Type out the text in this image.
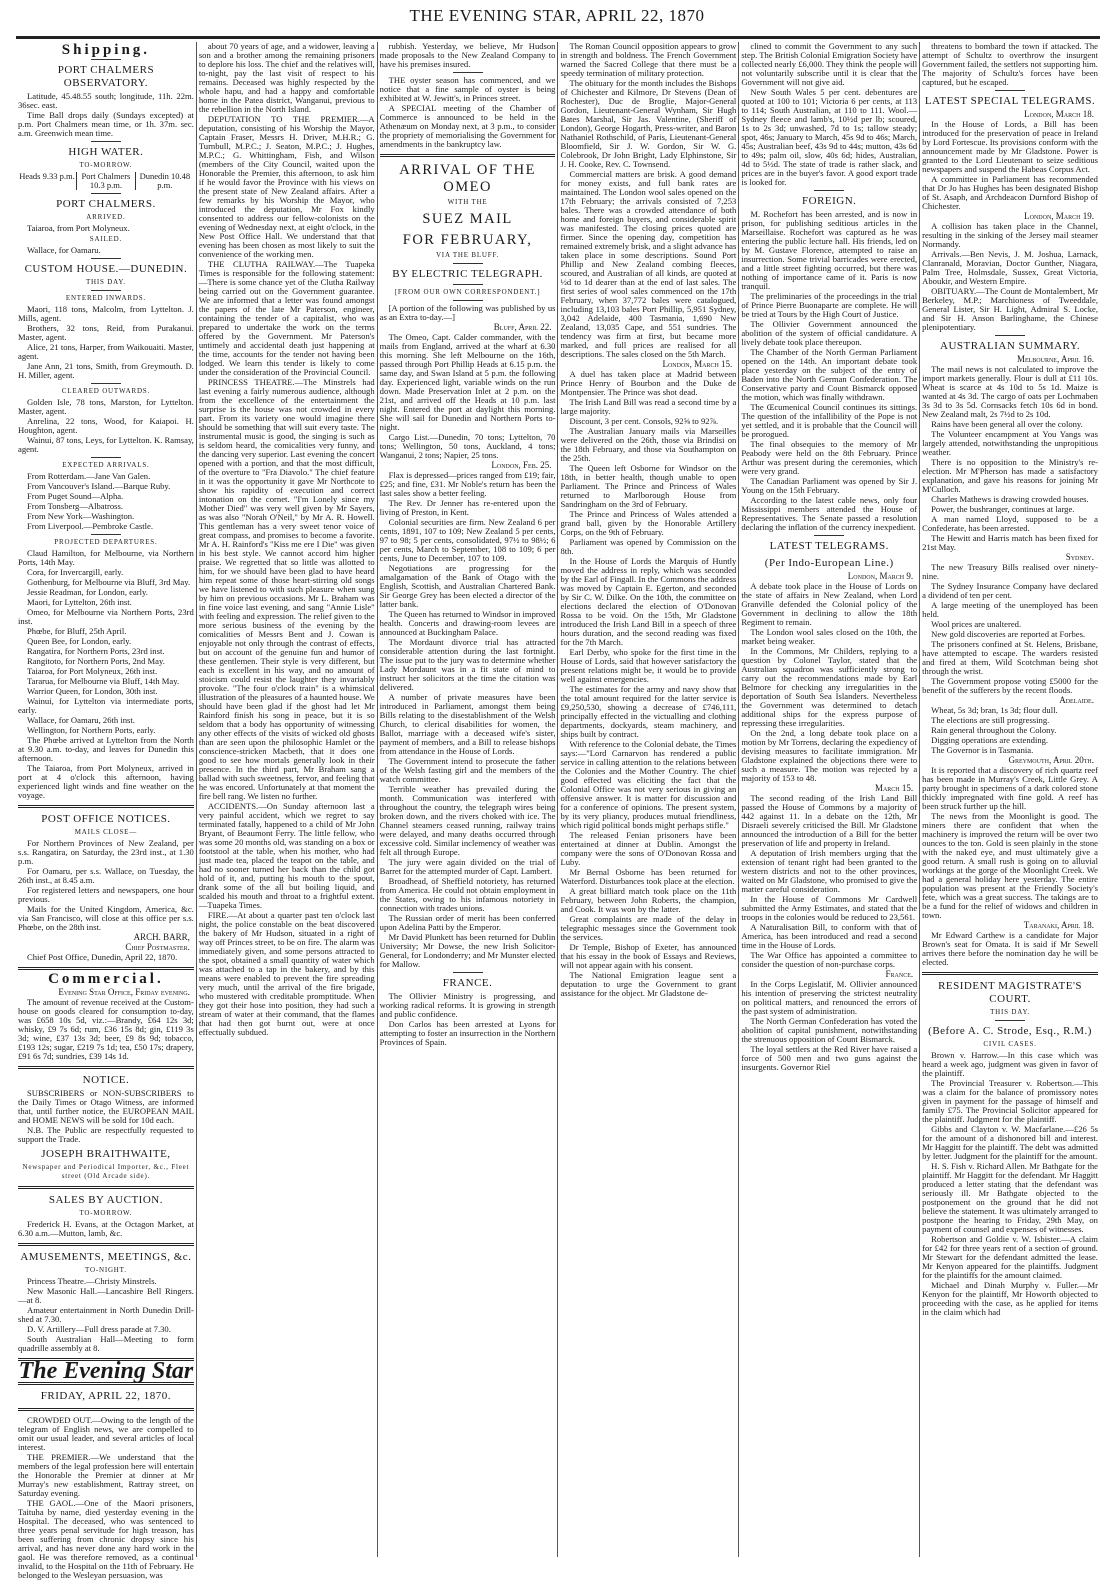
THE EVENING STAR, APRIL 22, 1870
Shipping.
PORT CHALMERS OBSERVATORY.

Latitude, 45.48.55 south; longitude, 11h. 22m. 36sec. east.

Time Ball drops daily (Sundays excepted) at p.m. Port Chalmers mean time, or 1h. 37m. sec. a.m. Greenwich mean time.

HIGH WATER.
TO-MORROW.
Heads 9.33 p.m. Port Chalmers 10.3 p.m.
Dunedin 10.48 p.m.
PORT CHALMERS.
ARRIVED.

Taiaroa, from Port Molyneux.

SAILED.

Wallace, for Oamaru.

CUSTOM HOUSE.—DUNEDIN.
THIS DAY.
ENTERED INWARDS.

Maori, 118 tons, Malcolm, from Lyttelton. J. Mills, agent.

Brothers, 32 tons, Reid, from Purakanui. Master, agent.

Alice, 21 tons, Harper, from Waikouaiti. Master, agent.

Jane Ann, 21 tons, Smith, from Greymouth. D. H. Miller, agent.

CLEARED OUTWARDS.

Golden Isle, 78 tons, Marston, for Lyttelton. Master, agent.

Anrelina, 22 tons, Wood, for Kaiapoi. H. Houghton, agent.

Wainui, 87 tons, Leys, for Lyttelton. K. Ramsay, agent.

EXPECTED ARRIVALS.

From Rotterdam.—Jane Van Galen.

From Vancouver's Island.—Barque Ruby.

From Puget Sound—Alpha.

From Tonsberg—Albatross.

From New York—Washington.

From Liverpool.—Pembroke Castle.

PROJECTED DEPARTURES.

Claud Hamilton, for Melbourne, via Northern Ports, 14th May.

Cora, for Invercargill, early.

Gothenburg, for Melbourne via Bluff, 3rd May.

Jessie Readman, for London, early.

Maori, for Lyttelton, 26th inst.

Omeo, for Melbourne via Northern Ports, 23rd inst.

Phœbe, for Bluff, 25th April.

Queen Bee, for London, early.

Rangatira, for Northern Ports, 23rd inst.

Rangitoto, for Northern Ports, 2nd May.

Taiaroa, for Port Molyneux, 26th inst.

Tararua, for Melbourne via Bluff, 14th May.

Warrior Queen, for London, 30th inst.

Wainui, for Lyttelton via intermediate ports, early.

Wallace, for Oamaru, 26th inst.

Wellington, for Northern Ports, early.

The Phœbe arrived at Lyttelton from the North at 9.30 a.m. to-day, and leaves for Dunedin this afternoon.

The Taiaroa, from Port Molyneux, arrived in port at 4 o'clock this afternoon, having experienced light winds and fine weather on the voyage.

POST OFFICE NOTICES.
MAILS CLOSE—

For Northern Provinces of New Zealand, per s.s. Rangatira, on Saturday, the 23rd inst., at 1.30 p.m.

For Oamaru, per s.s. Wallace, on Tuesday, the 26th inst., at 8.45 a.m.

For registered letters and newspapers, one hour previous.

Mails for the United Kingdom, America, &c. via San Francisco, will close at this office per s.s. Phœbe, on the 28th inst.

ARCH. BARR,
Chief Postmaster.

Chief Post Office, Dunedin, April 22, 1870.

Commercial.
Evening Star Office, Friday evening.

The amount of revenue received at the Custom-house on goods cleared for consumption to-day, was £658 10s 5d, viz.:—Brandy, £64 12s 3d; whisky, £9 7s 6d; rum, £36 15s 8d; gin, £119 3s 3d; wine, £37 13s 3d; beer, £9 8s 9d; tobacco, £193 12s; sugar, £219 7s 1d; tea, £50 17s; drapery, £91 6s 7d; sundries, £39 14s 1d.

NOTICE.

SUBSCRIBERS or NON-SUBSCRIBERS to the Daily Times or Otago Witness, are informed that, until further notice, the EUROPEAN MAIL and HOME NEWS will be sold for 10d each.

N.B. The Public are respectfully requested to support the Trade.

JOSEPH BRAITHWAITE,
Newspaper and Periodical Importer, &c., Fleet street (Old Arcade side).
SALES BY AUCTION.
TO-MORROW.

Frederick H. Evans, at the Octagon Market, at 6.30 a.m.—Mutton, lamb, &c.

AMUSEMENTS, MEETINGS, &c.
TO-NIGHT.

Princess Theatre.—Christy Minstrels.

New Masonic Hall.—Lancashire Bell Ringers.—at 8.

Amateur entertainment in North Dunedin Drill-shed at 7.30.

D. V. Artillery—Full dress parade at 7.30.

South Australian Hall—Meeting to form quadrille assembly at 8.

The Evening Star
FRIDAY, APRIL 22, 1870.

CROWDED OUT.—Owing to the length of the telegram of English news, we are compelled to omit our usual leader, and several articles of local interest.

THE PREMIER.—We understand that the members of the legal profession here will entertain the Honorable the Premier at dinner at Mr Murray's new establishment, Rattray street, on Saturday evening.

THE GAOL.—One of the Maori prisoners, Taituha by name, died yesterday evening in the Hospital. The deceased, who was sentenced to three years penal servitude for high treason, has been suffering from chronic dropsy since his arrival, and has never done any hard work in the gaol. He was therefore removed, as a continual invalid, to the Hospital on the 11th of February. He belonged to the Wesleyan persuasion, was

about 70 years of age, and a widower, leaving a son and a brother among the remaining prisoners to deplore his loss. The chief and the relatives will, to-night, pay the last visit of respect to his remains. Deceased was highly respected by the whole hapu, and had a happy and comfortable home in the Patea district, Wanganui, previous to the rebellion in the North Island.

DEPUTATION TO THE PREMIER.—A deputation, consisting of his Worship the Mayor, Captain Fraser, Messrs H. Driver, M.H.R.; G. Turnbull, M.P.C.; J. Seaton, M.P.C.; J. Hughes, M.P.C.; G. Whittingham, Fish, and Wilson (members of the City Council, waited upon the Honorable the Premier, this afternoon, to ask him if he would favor the Province with his views on the present state of New Zealand affairs. After a few remarks by his Worship the Mayor, who introduced the deputation, Mr Fox kindly consented to address our fellow-colonists on the evening of Wednesday next, at eight o'clock, in the New Post Office Hall. We understand that that evening has been chosen as most likely to suit the convenience of the working men.

THE CLUTHA RAILWAY.—The Tuapeka Times is responsible for the following statement:—There is some chance yet of the Clutha Railway being carried out on the Government guarantee. We are informed that a letter was found amongst the papers of the late Mr Paterson, engineer, containing the tender of a capitalist, who was prepared to undertake the work on the terms offered by the Government. Mr Paterson's untimely and accidental death just happening at the time, accounts for the tender not having been lodged. We learn this tender is likely to come under the consideration of the Provincial Council.

PRINCESS THEATRE.—The Minstrels had last evening a fairly numerous audience, although from the excellence of the entertainment the surprise is the house was not crowded in every part. From its variety one would imagine there should be something that will suit every taste. The instrumental music is good, the singing is such as is seldom heard, the comicalities very funny, and the dancing very superior. Last evening the concert opened with a portion, and that the most difficult, of the overture to "Fra Diavolo." The chief feature in it was the opportunity it gave Mr Northcote to show his rapidity of execution and correct intonation on the cornet. "I'm Lonely since my Mother Died" was very well given by Mr Sayers, as was also "Norah O'Neil," by Mr A. R. Howell. This gentleman has a very sweet tenor voice of great compass, and promises to become a favorite. Mr A. H. Rainford's "Kiss me ere I Die" was given in his best style. We cannot accord him higher praise. We regretted that so little was allotted to him, for we should have been glad to have heard him repeat some of those heart-stirring old songs we have listened to with such pleasure when sung by him on previous occasions. Mr L. Braham was in fine voice last evening, and sang "Annie Lisle" with feeling and expression. The relief given to the more serious business of the evening by the comicalities of Messrs Bent and J. Cowan is enjoyable not only through the contrast of effects, but on account of the genuine fun and humor of these gentlemen. Their style is very different, but each is excellent in his way, and no amount of stoicism could resist the laughter they invariably provoke. "The four o'clock train" is a whimsical illustration of the pleasures of a haunted house. We should have been glad if the ghost had let Mr Rainford finish his song in peace, but it is so seldom that a body has opportunity of witnessing any other effects of the visits of wicked old ghosts than are seen upon the philosophic Hamlet or the conscience-stricken Macbeth, that it does one good to see how mortals generally look in their presence. In the third part, Mr Braham sang a ballad with such sweetness, fervor, and feeling that he was encored. Unfortunately at that moment the fire bell rang. We listen no further.

ACCIDENTS.—On Sunday afternoon last a very painful accident, which we regret to say terminated fatally, happened to a child of Mr John Bryant, of Beaumont Ferry. The little fellow, who was some 20 months old, was standing on a box or footstool at the table, when his mother, who had just made tea, placed the teapot on the table, and had no sooner turned her back than the child got hold of it, and, putting his mouth to the spout, drank some of the all but boiling liquid, and scalded his mouth and throat to a frightful extent.—Tuapeka Times.

FIRE.—At about a quarter past ten o'clock last night, the police constable on the beat discovered the bakery of Mr Hudson, situated in a right of way off Princes street, to be on fire. The alarm was immediately given, and some persons attracted to the spot, obtained a small quantity of water which was attached to a tap in the bakery, and by this means were enabled to prevent the fire spreading very much, until the arrival of the fire brigade, who mustered with creditable promptitude. When they got their hose into position, they had such a stream of water at their command, that the flames that had then got burnt out, were at once effectually subdued.

rubbish. Yesterday, we believe, Mr Hudson made proposals to the New Zealand Company to have his premises insured.

THE oyster season has commenced, and we notice that a fine sample of oyster is being exhibited at W. Jewitt's, in Princes street.

A SPECIAL meeting of the Chamber of Commerce is announced to be held in the Athenæum on Monday next, at 3 p.m., to consider the propriety of memorialising the Government for amendments in the bankruptcy law.

ARRIVAL OF THE OMEO
WITH THE
SUEZ MAIL
FOR FEBRUARY,
VIA THE BLUFF.
BY ELECTRIC TELEGRAPH.
[FROM OUR OWN CORRESPONDENT.]

[A portion of the following was published by us as an Extra to-day.—]

Bluff, April 22.

The Omeo, Capt. Calder commander, with the mails from England, arrived at the wharf at 6.30 this morning. She left Melbourne on the 16th, passed through Port Phillip Heads at 6.15 p.m. the same day, and Swan Island at 5 p.m. the following day. Experienced light, variable winds on the run down. Made Preservation Inlet at 2 p.m. on the 21st, and arrived off the Heads at 10 p.m. last night. Entered the port at daylight this morning. She will sail for Dunedin and Northern Ports to-night.

Cargo List.—Dunedin, 70 tons; Lyttelton, 70 tons; Wellington, 50 tons, Auckland, 4 tons; Wanganui, 2 tons; Napier, 25 tons.

London, Feb. 25.

Flax is depressed—prices ranged from £19; fair, £25; and fine, £31. Mr Noble's return has been the last sales show a better feeling.

The Rev. Dr Jenner has re-entered upon the living of Preston, in Kent.

Colonial securities are firm. New Zealand 6 per cents, 1891, 107 to 109; New Zealand 5 per cents, 97 to 98; 5 per cents, consolidated, 97½ to 98½; 6 per cents, March to September, 108 to 109; 6 per cents, June to December, 107 to 109.

Negotiations are progressing for the amalgamation of the Bank of Otago with the English, Scottish, and Australian Chartered Bank. Sir George Grey has been elected a director of the latter bank.

The Queen has returned to Windsor in improved health. Concerts and drawing-room levees are announced at Buckingham Palace.

The Mordaunt divorce trial has attracted considerable attention during the last fortnight. The issue put to the jury was to determine whether Lady Mordaunt was in a fit state of mind to instruct her solicitors at the time the citation was delivered.

A number of private measures have been introduced in Parliament, amongst them being Bills relating to the disestablishment of the Welsh Church, to clerical disabilities for women, the Ballot, marriage with a deceased wife's sister, payment of members, and a Bill to release bishops from attendance in the House of Lords.

The Government intend to prosecute the father of the Welsh fasting girl and the members of the watch committee.

Terrible weather has prevailed during the month. Communication was interfered with throughout the country, the telegraph wires being broken down, and the rivers choked with ice. The Channel steamers ceased running, railway trains were delayed, and many deaths occurred through excessive cold. Similar inclemency of weather was felt all through Europe.

The jury were again divided on the trial of Barret for the attempted murder of Capt. Lambert.

Broadhead, of Sheffield notoriety, has returned from America. He could not obtain employment in the States, owing to his infamous notoriety in connection with trades unions.

The Russian order of merit has been conferred upon Adelina Patti by the Emperor.

Mr David Plunkett has been returned for Dublin University; Mr Dowse, the new Irish Solicitor-General, for Londonderry; and Mr Munster elected for Mallow.

FRANCE.

The Ollivier Ministry is progressing, and working radical reforms. It is growing in strength and public confidence.

Don Carlos has been arrested at Lyons for attempting to foster an insurrection in the Northern Provinces of Spain.

The Roman Council opposition appears to grow in strength and boldness. The French Government warned the Sacred College that there must be a speedy termination of military protection.

The obituary for the month includes the Bishops of Chichester and Kilmore, Dr Stevens (Dean of Rochester), Duc de Broglie, Major-General Gordon, Lieutenant-General Wynham, Sir Hugh Bates Marshal, Sir Jas. Valentine, (Sheriff of London), George Hogarth, Press-writer, and Baron Nathaniel Rothschild, of Paris, Lieutenant-General Bloomfield, Sir J. W. Gordon, Sir W. G. Colebrook, Dr John Bright, Lady Elphinstone, Sir J. H. Cooke, Rev. C. Townsend.

Commercial matters are brisk. A good demand for money exists, and full bank rates are maintained. The London wool sales opened on the 17th February; the arrivals consisted of 7,253 bales. There was a crowded attendance of both home and foreign buyers, and considerable spirit was manifested. The closing prices quoted are firmer. Since the opening day, competition has remained extremely brisk, and a slight advance has taken place in some descriptions. Sound Port Phillip and New Zealand combing fleeces, scoured, and Australian of all kinds, are quoted at ½d to 1d dearer than at the end of last sales. The first series of wool sales commenced on the 17th February, when 37,772 bales were catalogued, including 13,103 bales Port Phillip, 5,951 Sydney, 3,042 Adelaide, 400 Tasmania, 1,690 New Zealand, 13,035 Cape, and 551 sundries. The tendency was firm at first, but became more marked, and full prices are realised for all descriptions. The sales closed on the 5th March.

London, March 15.

A duel has taken place at Madrid between Prince Henry of Bourbon and the Duke de Montpensier. The Prince was shot dead.

The Irish Land Bill was read a second time by a large majority.

Discount, 3 per cent. Consols, 92⅝ to 92⅞.

The Australian January mails via Marseilles were delivered on the 26th, those via Brindisi on the 18th February, and those via Southampton on the 25th.

The Queen left Osborne for Windsor on the 18th, in better health, though unable to open Parliament. The Prince and Princess of Wales returned to Marlborough House from Sandringham on the 3rd of February.

The Prince and Princess of Wales attended a grand ball, given by the Honorable Artillery Corps, on the 9th of February.

Parliament was opened by Commission on the 8th.

In the House of Lords the Marquis of Huntly moved the address in reply, which was seconded by the Earl of Fingall. In the Commons the address was moved by Captain E. Egerton, and seconded by Sir C. W. Dilke. On the 10th, the committee on elections declared the election of O'Donovan Rossa to be void. On the 15th, Mr Gladstone introduced the Irish Land Bill in a speech of three hours duration, and the second reading was fixed for the 7th March.

Earl Derby, who spoke for the first time in the House of Lords, said that however satisfactory the present relations might be, it would be to provide well against emergencies.

The estimates for the army and navy show that the total amount required for the latter service is £9,250,530, showing a decrease of £746,111, principally effected in the victualling and clothing departments, dockyards, steam machinery, and ships built by contract.

With reference to the Colonial debate, the Times says:—"Lord Carnarvon has rendered a public service in calling attention to the relations between the Colonies and the Mother Country. The chief good effected was eliciting the fact that the Colonial Office was not very serious in giving an offensive answer. It is matter for discussion and for a conference of opinions. The present system, by its very pliancy, produces mutual friendliness, which rigid political bonds might perhaps stifle."

The released Fenian prisoners have been entertained at dinner at Dublin. Amongst the company were the sons of O'Donovan Rossa and Luby.

Mr Bernal Osborne has been returned for Waterford. Disturbances took place at the election.

A great billiard match took place on the 11th February, between John Roberts, the champion, and Cook. It was won by the latter.

Great complaints are made of the delay in telegraphic messages since the Government took the services.

Dr Temple, Bishop of Exeter, has announced that his essay in the book of Essays and Reviews, will not appear again with his consent.

The National Emigration league sent a deputation to urge the Government to grant assistance for the object. Mr Gladstone de-

clined to commit the Government to any such step. The British Colonial Emigration Society have collected nearly £6,000. They think the people will not voluntarily subscribe until it is clear that the Government will not give aid.

New South Wales 5 per cent. debentures are quoted at 100 to 101; Victoria 6 per cents, at 113 to 114; South Australian, at 110 to 111. Wool.—Sydney fleece and lamb's, 10½d per lb; scoured, 1s to 2s 3d; unwashed, 7d to 1s; tallow steady; spot, 46s; January to March, 45s 9d to 46s; March, 45s; Australian beef, 43s 9d to 44s; mutton, 43s 6d to 49s; palm oil, slow, 40s 6d; hides, Australian, 4d to 5½d. The state of trade is rather slack, and prices are in the buyer's favor. A good export trade is looked for.

FOREIGN.

M. Rochefort has been arrested, and is now in prison, for publishing seditious articles in the Marseillaise. Rochefort was captured as he was entering the public lecture hall. His friends, led on by M. Gustave Florence, attempted to raise an insurrection. Some trivial barricades were erected, and a little street fighting occurred, but there was nothing of importance came of it. Paris is now tranquil.

The preliminaries of the proceedings in the trial of Prince Pierre Buonaparte are complete. He will be tried at Tours by the High Court of Justice.

The Ollivier Government announced the abolition of the system of official candidature. A lively debate took place thereupon.

The Chamber of the North German Parliament opened on the 14th. An important debate took place yesterday on the subject of the entry of Baden into the North German Confederation. The Conservative party and Count Bismarck opposed the motion, which was finally withdrawn.

The Œcumenical Council continues its sittings. The question of the infallibility of the Pope is not yet settled, and it is probable that the Council will be prorogued.

The final obsequies to the memory of Mr Peabody were held on the 8th February. Prince Arthur was present during the ceremonies, which were very grand.

The Canadian Parliament was opened by Sir J. Young on the 15th February.

According to the latest cable news, only four Mississippi members attended the House of Representatives. The Senate passed a resolution declaring the inflation of the currency inexpedient.

LATEST TELEGRAMS.
(Per Indo-European Line.)
London, March 9.

A debate took place in the House of Lords on the state of affairs in New Zealand, when Lord Granville defended the Colonial policy of the Government in declining to allow the 18th Regiment to remain.

The London wool sales closed on the 10th, the market being weaker.

In the Commons, Mr Childers, replying to a question by Colonel Taylor, stated that the Australian squadron was sufficiently strong to carry out the recommendations made by Earl Belmore for checking any irregularities in the deportation of South Sea Islanders. Nevertheless the Government was determined to detach additional ships for the express purpose of repressing these irregularities.

On the 2nd, a long debate took place on a motion by Mr Torrens, declaring the expediency of devising measures to facilitate immigration. Mr Gladstone explained the objections there were to such a measure. The motion was rejected by a majority of 153 to 48.

March 15.

The second reading of the Irish Land Bill passed the House of Commons by a majority of 442 against 11. In a debate on the 12th, Mr Disraeli severely criticised the Bill. Mr Gladstone announced the introduction of a Bill for the better preservation of life and property in Ireland.

A deputation of Irish members urging that the extension of tenant right had been granted to the western districts and not to the other provinces, waited on Mr Gladstone, who promised to give the matter careful consideration.

In the House of Commons Mr Cardwell submitted the Army Estimates, and stated that the troops in the colonies would be reduced to 23,561.

A Naturalisation Bill, to conform with that of America, has been introduced and read a second time in the House of Lords.

The War Office has appointed a committee to consider the question of non-purchase corps.

France.

In the Corps Legislatif, M. Ollivier announced his intention of preserving the strictest neutrality on political matters, and renounced the errors of the past system of administration.

The North German Confederation has voted the abolition of capital punishment, notwithstanding the strenuous opposition of Count Bismarck.

The loyal settlers at the Red River have raised a force of 500 men and two guns against the insurgents. Governor Riel

threatens to bombard the town if attacked. The attempt of Schultz to overthrow the insurgent Government failed, the settlers not supporting him. The majority of Schultz's forces have been captured, but he escaped.

LATEST SPECIAL TELEGRAMS.
London, March 18.

In the House of Lords, a Bill has been introduced for the preservation of peace in Ireland by Lord Fortescue. Its provisions conform with the announcement made by Mr Gladstone. Power is granted to the Lord Lieutenant to seize seditious newspapers and suspend the Habeas Corpus Act.

A committee in Parliament has recommended that Dr Jo has Hughes has been designated Bishop of St. Asaph, and Archdeacon Durnford Bishop of Chichester.

London, March 19.

A collision has taken place in the Channel, resulting in the sinking of the Jersey mail steamer Normandy.

Arrivals.—Ben Nevis, J. M. Joshua, Larnack, Clanranald, Moravian, Doctor Gunther, Niagara, Palm Tree, Holmsdale, Sussex, Great Victoria, Aboukir, and Western Empire.

OBITUARY.—The Count de Montalembert, Mr Berkeley, M.P.; Marchioness of Tweeddale, General Lister, Sir H. Light, Admiral S. Locke, and Sir H. Anson Barlinghame, the Chinese plenipotentiary.

AUSTRALIAN SUMMARY.
Melbourne, April 16.

The mail news is not calculated to improve the import markets generally. Flour is dull at £11 10s. Wheat is scarce at 4s 10d to 5s 1d. Maize is wanted at 4s 3d. The cargo of oats per Lochmaben 3s 3d to 3s 5d. Cornsacks fetch 10s 6d in bond. New Zealand malt, 2s 7½d to 2s 10d.

Rains have been general all over the colony.

The Volunteer encampment at You Yangs was largely attended, notwithstanding the unpropitious weather.

There is no opposition to the Ministry's re-election. Mr M'Pherson has made a satisfactory explanation, and gave his reasons for joining Mr M'Culloch.

Charles Mathews is drawing crowded houses.

Power, the bushranger, continues at large.

A man named Lloyd, supposed to be a Confederate, has been arrested.

The Hewitt and Harris match has been fixed for 21st May.

Sydney.

The new Treasury Bills realised over ninety-nine.

The Sydney Insurance Company have declared a dividend of ten per cent.

A large meeting of the unemployed has been held.

Wool prices are unaltered.

New gold discoveries are reported at Forbes.

The prisoners confined at St. Helens, Brisbane, have attempted to escape. The warders resisted and fired at them, Wild Scotchman being shot through the wrist.

The Government propose voting £5000 for the benefit of the sufferers by the recent floods.

Adelaide.

Wheat, 5s 3d; bran, 1s 3d; flour dull.

The elections are still progressing.

Rain general throughout the Colony.

Digging operations are extending.

The Governor is in Tasmania.

Greymouth, April 20th.

It is reported that a discovery of rich quartz reef has been made in Murray's Creek, Little Grey. A party brought in specimens of a dark colored stone thickly impregnated with fine gold. A reef has been struck further up the hill.

The news from the Moonlight is good. The miners there are confident that when the machinery is improved the return will be over two ounces to the ton. Gold is seen plainly in the stone with the naked eye, and must ultimately give a good return. A small rush is going on to alluvial workings at the gorge of the Moonlight Creek. We had a general holiday here yesterday. The entire population was present at the Friendly Society's fete, which was a great success. The takings are to be a fund for the relief of widows and children in town.

Taranaki, April 18.

Mr Edward Carthew is a candidate for Major Brown's seat for Omata. It is said if Mr Sewell arrives there before the nomination day he will be elected.

RESIDENT MAGISTRATE'S COURT.
THIS DAY.
(Before A. C. Strode, Esq., R.M.)
CIVIL CASES.

Brown v. Harrow.—In this case which was heard a week ago, judgment was given in favor of the plaintiff.

The Provincial Treasurer v. Robertson.—This was a claim for the balance of promissory notes given in payment for the passage of himself and family £75. The Provincial Solicitor appeared for the plaintiff. Judgment for the plaintiff.

Gibbs and Clayton v. W. Macfarlane.—£26 5s for the amount of a dishonored bill and interest. Mr Haggitt for the plaintiff. The debt was admitted by letter. Judgment for the plaintiff for the amount.

H. S. Fish v. Richard Allen. Mr Bathgate for the plaintiff. Mr Haggitt for the defendant. Mr Haggitt produced a letter stating that the defendant was seriously ill. Mr Bathgate objected to the postponement on the ground that he did not believe the statement. It was ultimately arranged to postpone the hearing to Friday, 29th May, on payment of counsel and expenses of witnesses.

Robertson and Goldie v. W. Isbister.—A claim for £42 for three years rent of a section of ground. Mr Stewart for the defendant admitted the lease. Mr Kenyon appeared for the plaintiffs. Judgment for the plaintiffs for the amount claimed.

Michael and Dinah Murphy v. Fuller.—Mr Kenyon for the plaintiff, Mr Howorth objected to proceeding with the case, as he applied for items in the claim which had
